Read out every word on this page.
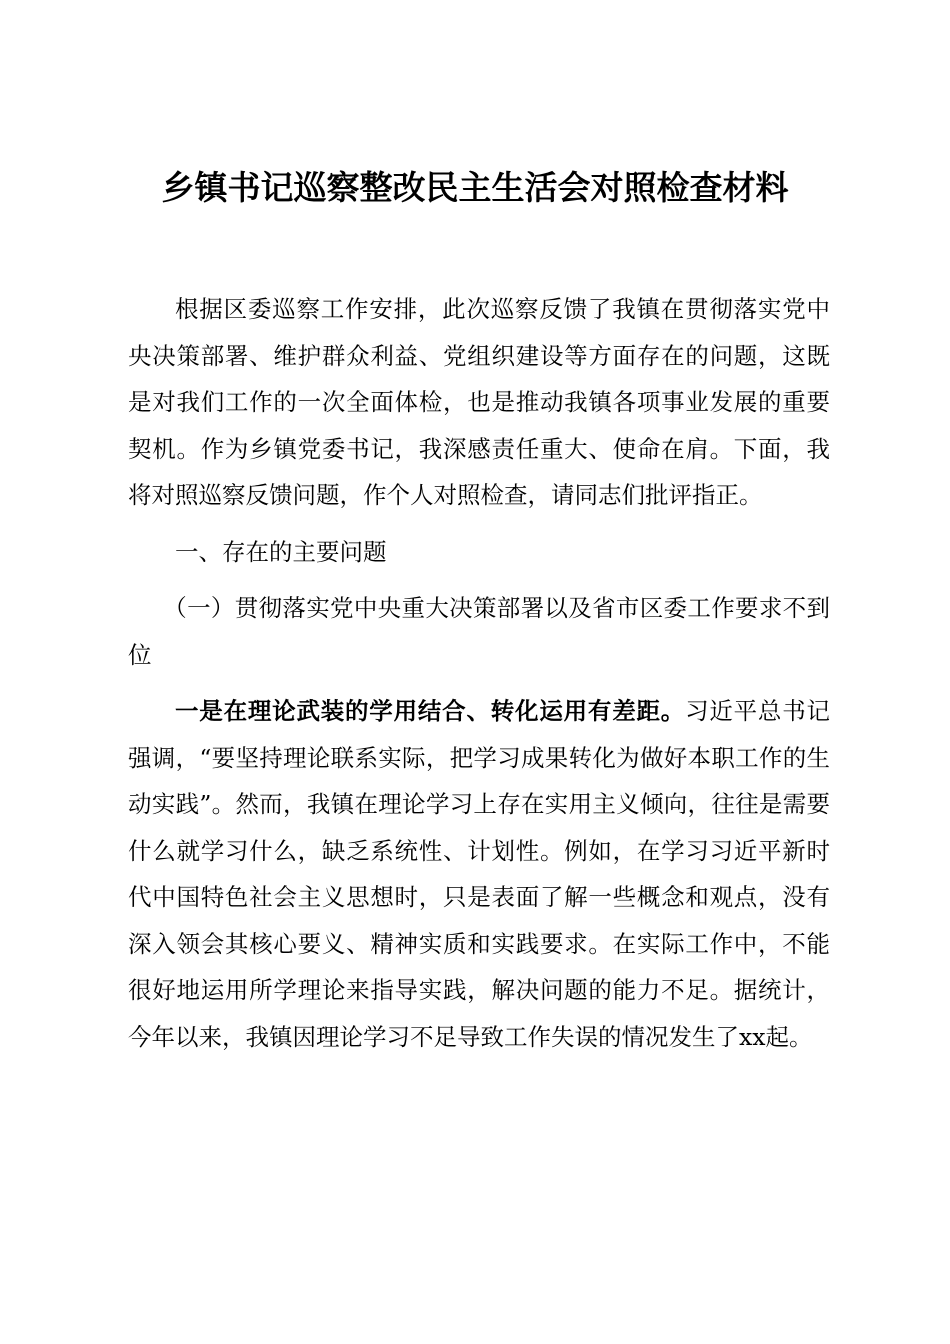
乡镇书记巡察整改民主生活会对照检查材料

根据区委巡察工作安排，此次巡察反馈了我镇在贯彻落实党中央决策部署、维护群众利益、党组织建设等方面存在的问题，这既是对我们工作的一次全面体检，也是推动我镇各项事业发展的重要契机。作为乡镇党委书记，我深感责任重大、使命在肩。下面，我将对照巡察反馈问题，作个人对照检查，请同志们批评指正。

一、存在的主要问题

（一）贯彻落实党中央重大决策部署以及省市区委工作要求不到位

一是在理论武装的学用结合、转化运用有差距。习近平总书记强调，“要坚持理论联系实际，把学习成果转化为做好本职工作的生动实践”。然而，我镇在理论学习上存在实用主义倾向，往往是需要什么就学习什么，缺乏系统性、计划性。例如，在学习习近平新时代中国特色社会主义思想时，只是表面了解一些概念和观点，没有深入领会其核心要义、精神实质和实践要求。在实际工作中，不能很好地运用所学理论来指导实践，解决问题的能力不足。据统计，今年以来，我镇因理论学习不足导致工作失误的情况发生了xx起。
